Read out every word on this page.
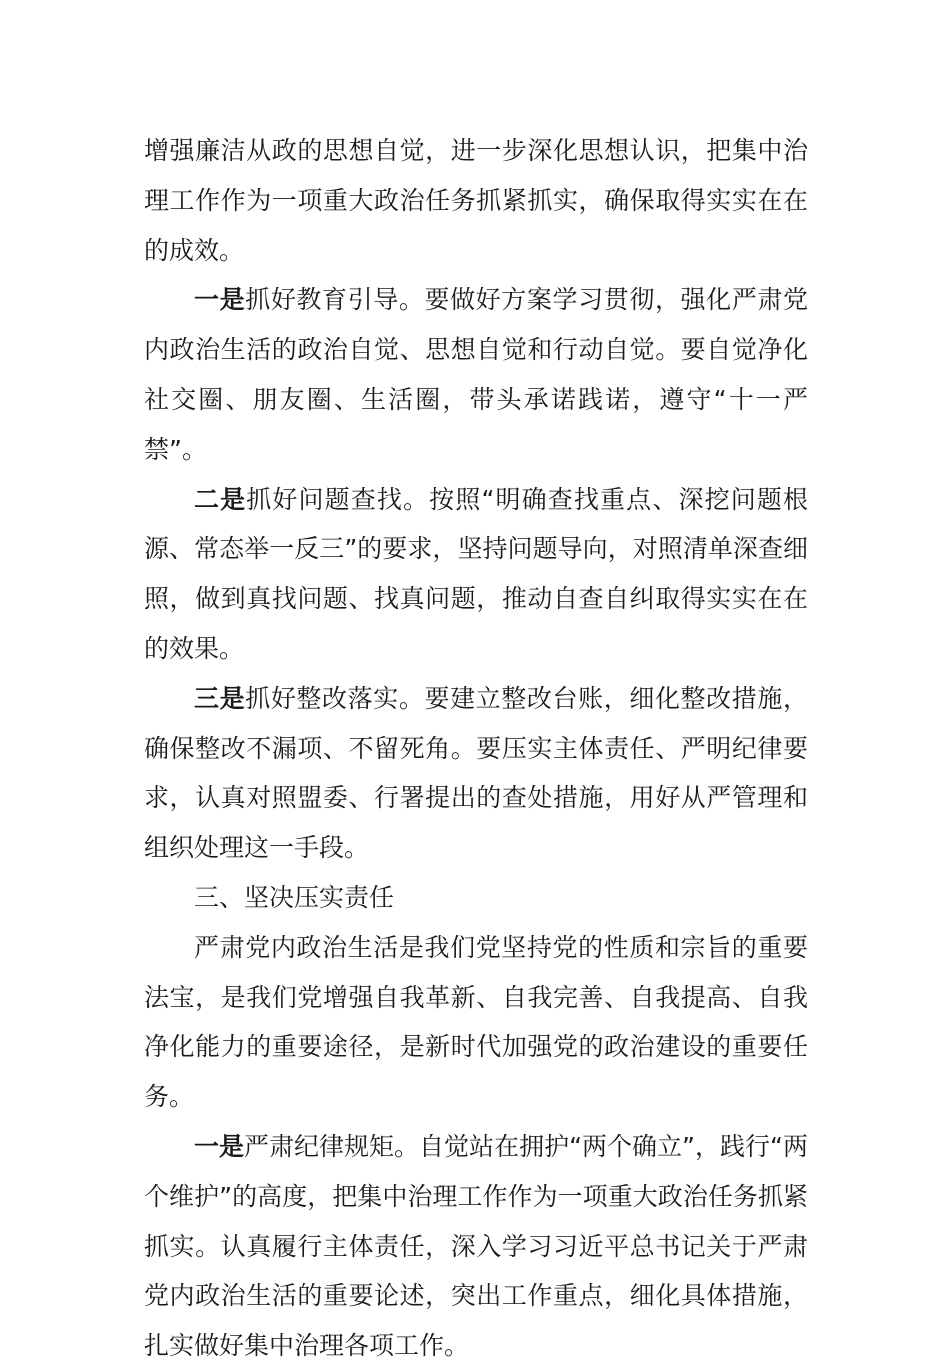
增强廉洁从政的思想自觉，进一步深化思想认识，把集中治理工作作为一项重大政治任务抓紧抓实，确保取得实实在在的成效。

一是抓好教育引导。要做好方案学习贯彻，强化严肃党内政治生活的政治自觉、思想自觉和行动自觉。要自觉净化社交圈、朋友圈、生活圈，带头承诺践诺，遵守“十一严禁”。

二是抓好问题查找。按照“明确查找重点、深挖问题根源、常态举一反三”的要求，坚持问题导向，对照清单深查细照，做到真找问题、找真问题，推动自查自纠取得实实在在的效果。

三是抓好整改落实。要建立整改台账，细化整改措施，确保整改不漏项、不留死角。要压实主体责任、严明纪律要求，认真对照盟委、行署提出的查处措施，用好从严管理和组织处理这一手段。

三、坚决压实责任

严肃党内政治生活是我们党坚持党的性质和宗旨的重要法宝，是我们党增强自我革新、自我完善、自我提高、自我净化能力的重要途径，是新时代加强党的政治建设的重要任务。

一是严肃纪律规矩。自觉站在拥护“两个确立”，践行“两个维护”的高度，把集中治理工作作为一项重大政治任务抓紧抓实。认真履行主体责任，深入学习习近平总书记关于严肃党内政治生活的重要论述，突出工作重点，细化具体措施，扎实做好集中治理各项工作。
